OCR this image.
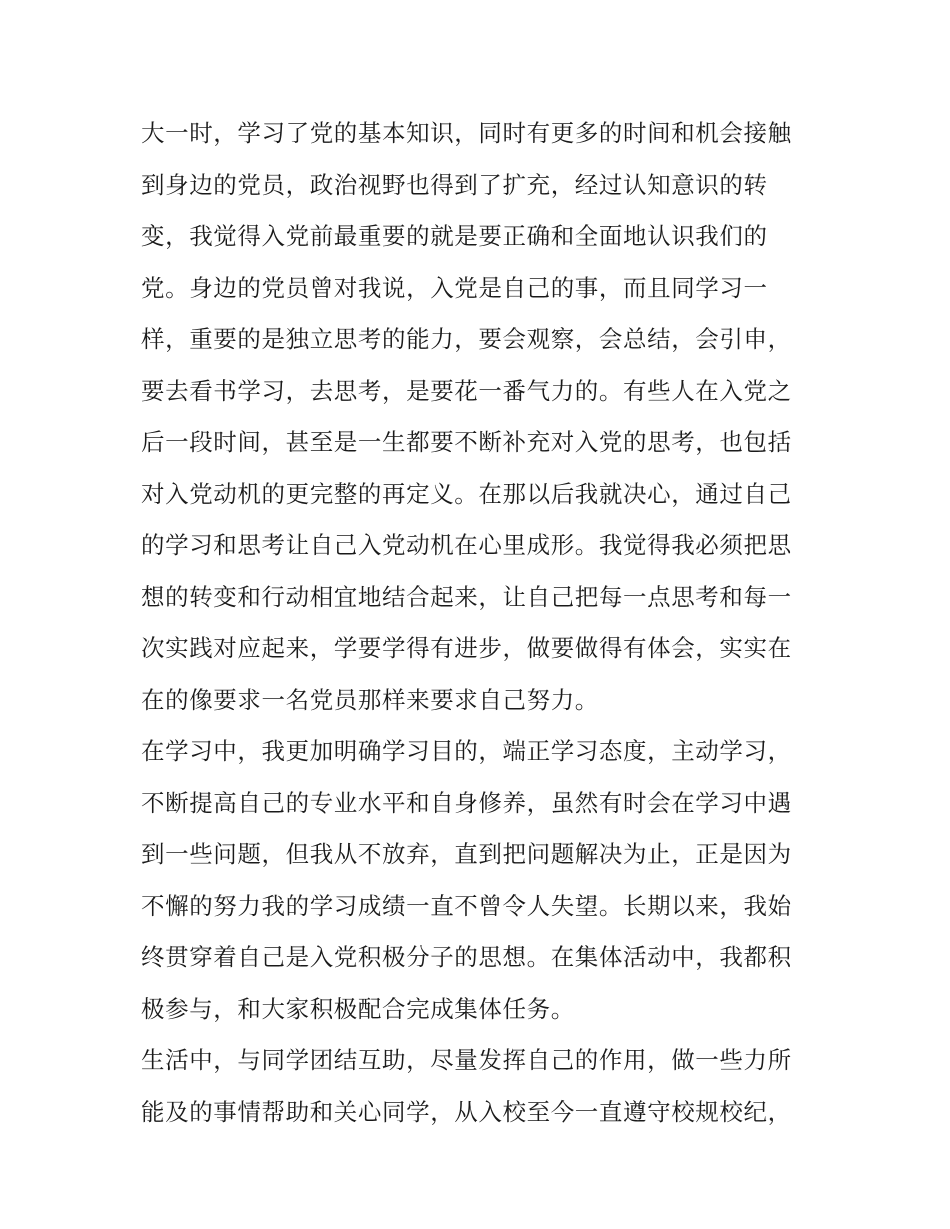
大一时，学习了党的基本知识，同时有更多的时间和机会接触
到身边的党员，政治视野也得到了扩充，经过认知意识的转
变，我觉得入党前最重要的就是要正确和全面地认识我们的
党。身边的党员曾对我说，入党是自己的事，而且同学习一
样，重要的是独立思考的能力，要会观察，会总结，会引申，
要去看书学习，去思考，是要花一番气力的。有些人在入党之
后一段时间，甚至是一生都要不断补充对入党的思考，也包括
对入党动机的更完整的再定义。在那以后我就决心，通过自己
的学习和思考让自己入党动机在心里成形。我觉得我必须把思
想的转变和行动相宜地结合起来，让自己把每一点思考和每一
次实践对应起来，学要学得有进步，做要做得有体会，实实在
在的像要求一名党员那样来要求自己努力。
在学习中，我更加明确学习目的，端正学习态度，主动学习，
不断提高自己的专业水平和自身修养，虽然有时会在学习中遇
到一些问题，但我从不放弃，直到把问题解决为止，正是因为
不懈的努力我的学习成绩一直不曾令人失望。长期以来，我始
终贯穿着自己是入党积极分子的思想。在集体活动中，我都积
极参与，和大家积极配合完成集体任务。
生活中，与同学团结互助，尽量发挥自己的作用，做一些力所
能及的事情帮助和关心同学，从入校至今一直遵守校规校纪，
